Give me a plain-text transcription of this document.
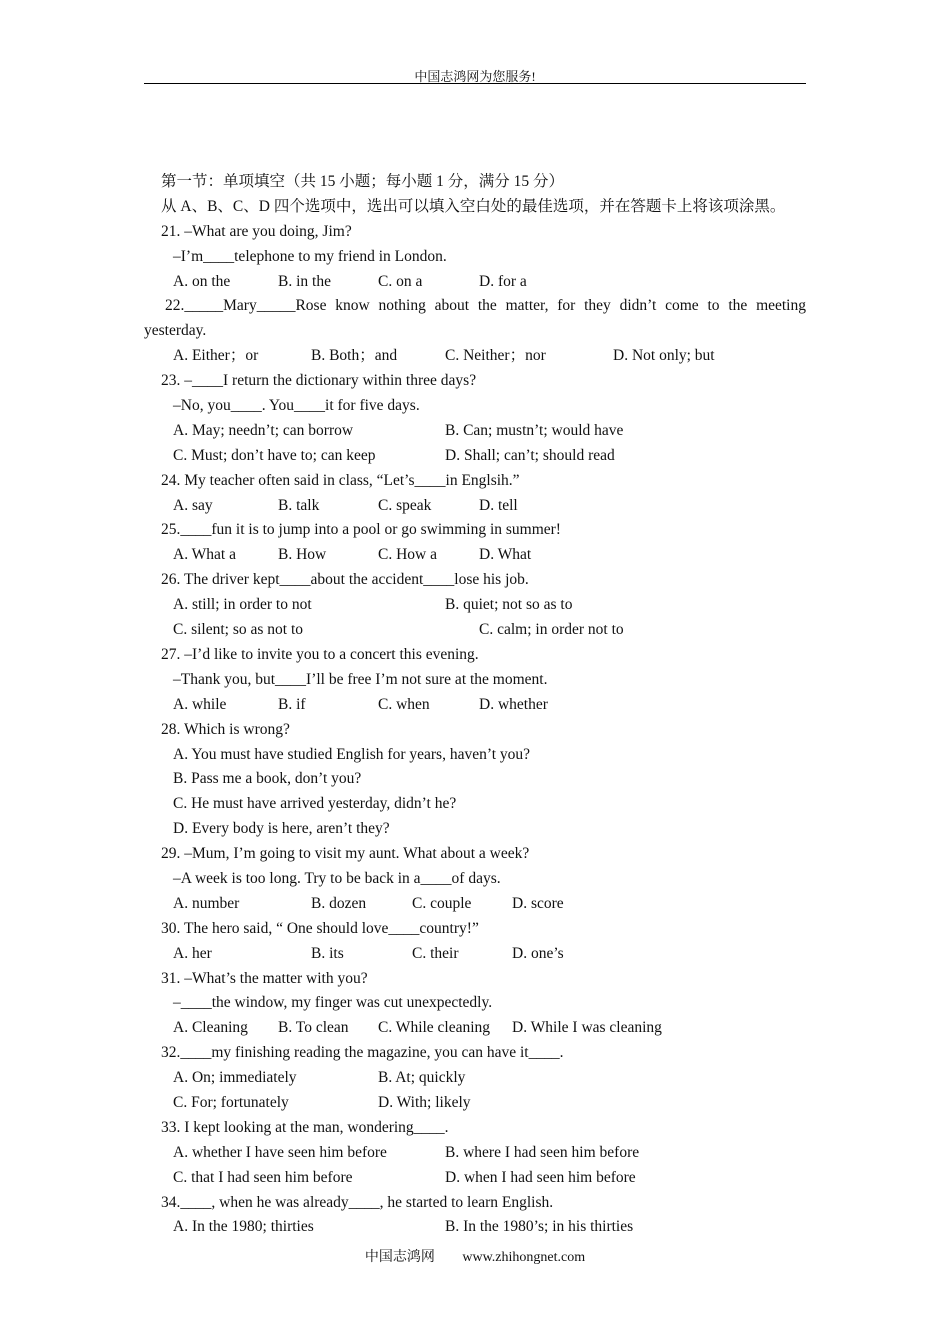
中国志鸿网为您服务!
第一节：单项填空（共 15 小题；每小题 1 分，满分 15 分）
从 A、B、C、D 四个选项中，选出可以填入空白处的最佳选项，并在答题卡上将该项涂黑。
21. –What are you doing, Jim?
–I’m____telephone to my friend in London.
A. on the	B. in the	C. on a	D. for a
22._____Mary_____Rose know nothing about the matter, for they didn’t come to the meeting yesterday.
A. Either；or	B. Both；and	C. Neither；nor	D. Not only; but
23. –____I return the dictionary within three days?
–No, you____. You____it for five days.
A. May; needn’t; can borrow	B. Can; mustn’t; would have
C. Must; don’t have to; can keep	D. Shall; can’t; should read
24. My teacher often said in class, “Let’s____in Englsih.”
A. say	B. talk	C. speak	D. tell
25.____fun it is to jump into a pool or go swimming in summer!
A. What a	B. How	C. How a	D. What
26. The driver kept____about the accident____lose his job.
A. still; in order to not	B. quiet; not so as to
C. silent; so as not to	C. calm; in order not to
27. –I’d like to invite you to a concert this evening.
–Thank you, but____I’ll be free I’m not sure at the moment.
A. while	B. if	C. when	D. whether
28. Which is wrong?
A. You must have studied English for years, haven’t you?
B. Pass me a book, don’t you?
C. He must have arrived yesterday, didn’t he?
D. Every body is here, aren’t they?
29. –Mum, I’m going to visit my aunt. What about a week?
–A week is too long. Try to be back in a____of days.
A. number	B. dozen	C. couple	D. score
30. The hero said, “ One should love____country!”
A. her	B. its	C. their	D. one’s
31. –What’s the matter with you?
–____the window, my finger was cut unexpectedly.
A. Cleaning B. To clean C. While cleaning D. While I was cleaning
32.____my finishing reading the magazine, you can have it____.
A. On; immediately	B. At; quickly
C. For; fortunately	D. With; likely
33. I kept looking at the man, wondering____.
A. whether I have seen him before	B. where I had seen him before
C. that I had seen him before	D. when I had seen him before
34.____, when he was already____, he started to learn English.
A. In the 1980; thirties	B. In the 1980’s; in his thirties
中国志鸿网 www.zhihongnet.com
